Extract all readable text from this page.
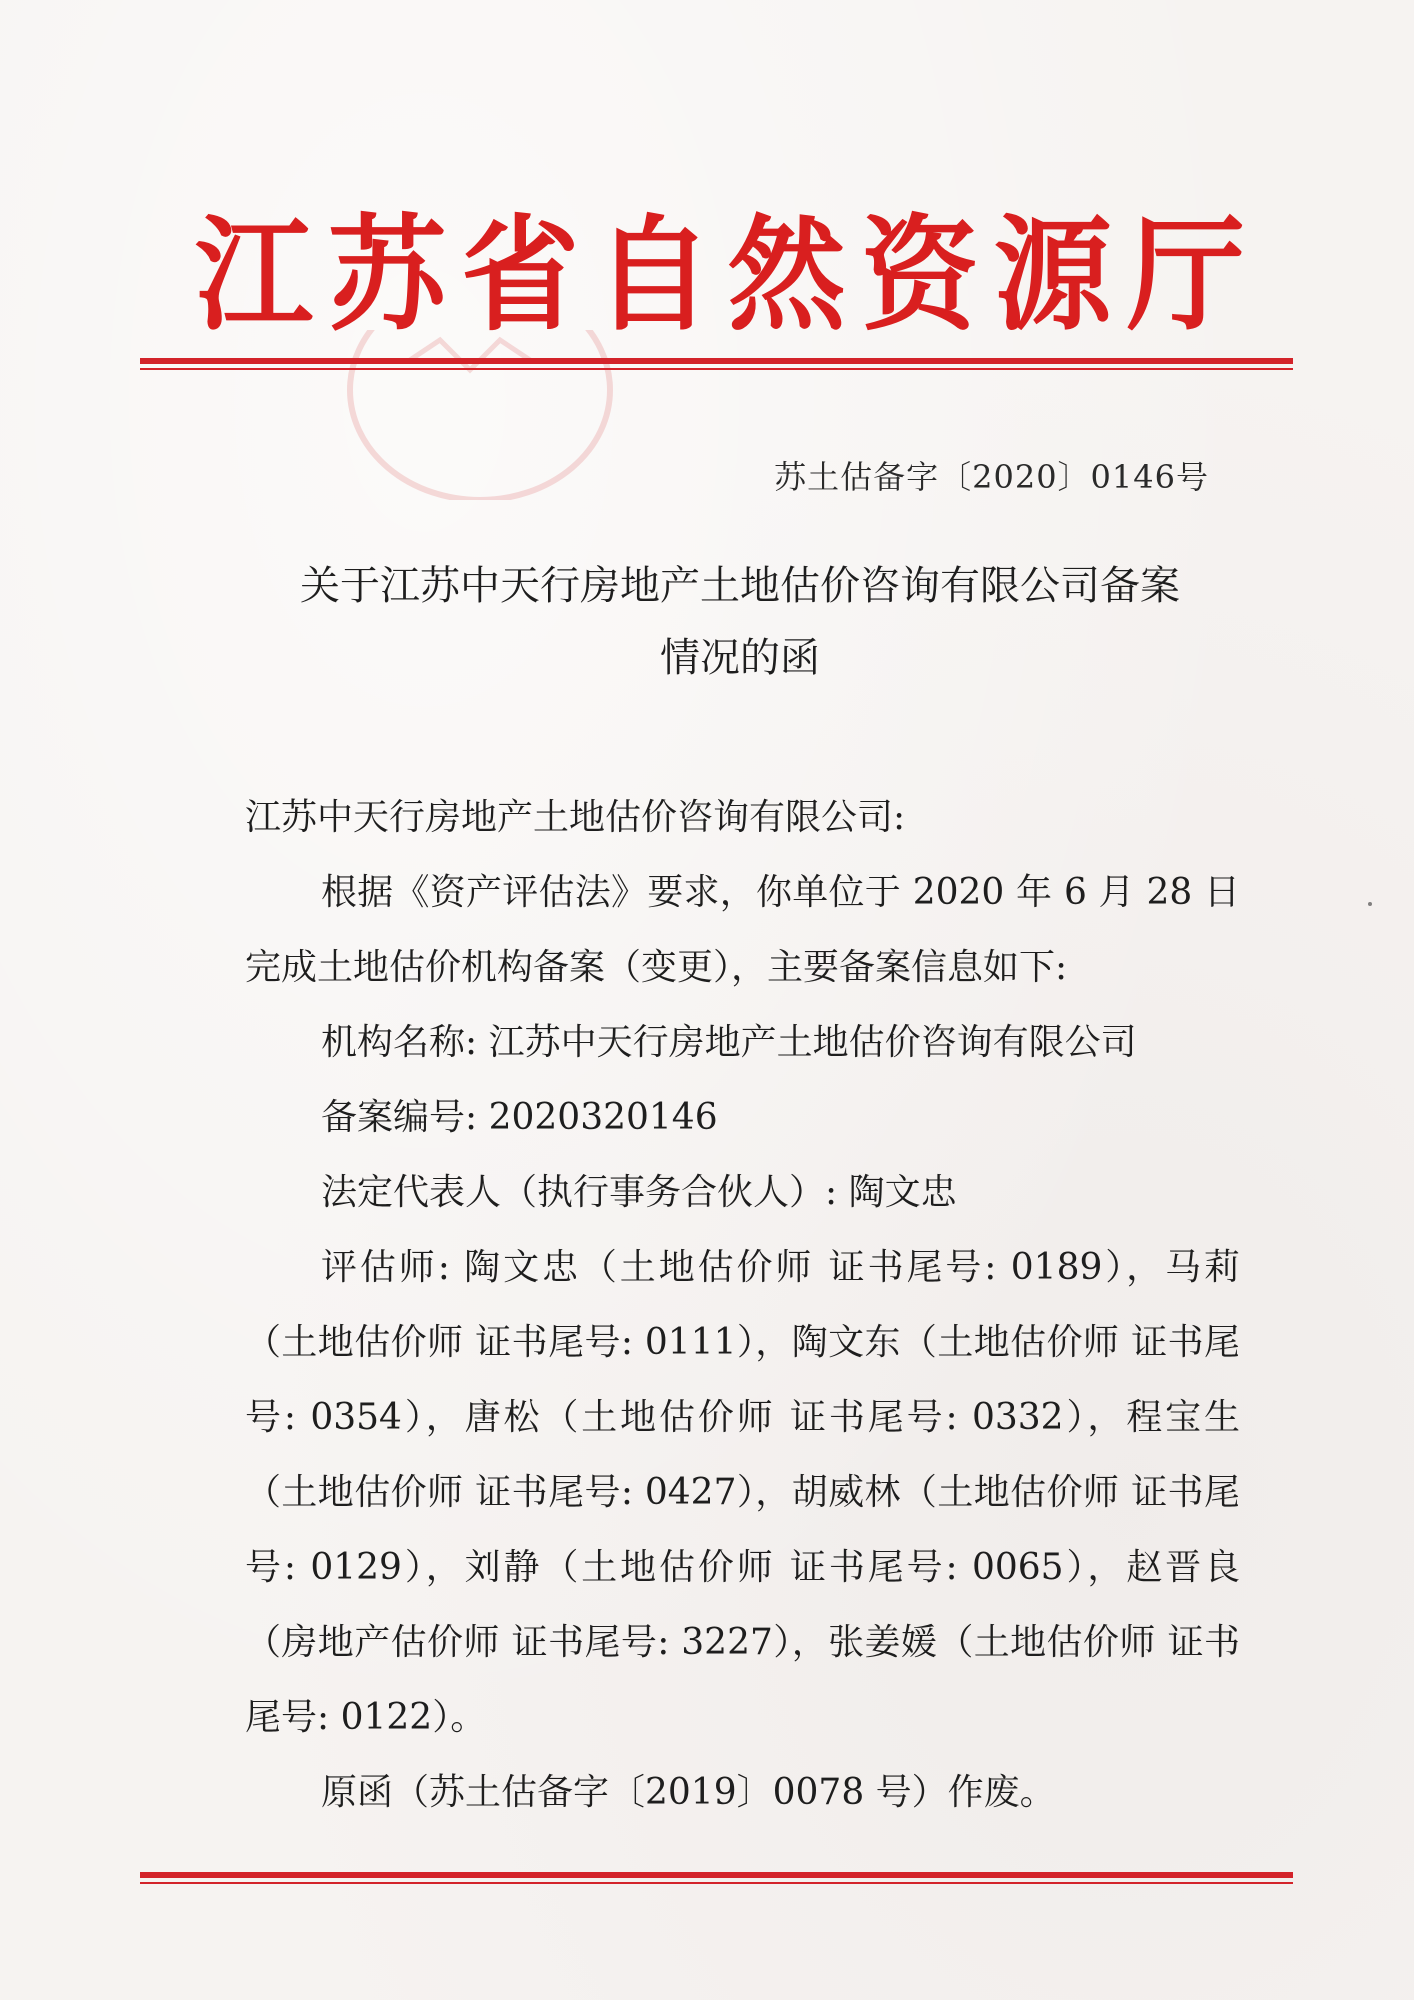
江 苏 省 自 然 资 源 厅
苏土估备字〔2020〕0146号
关于江苏中天行房地产土地估价咨询有限公司备案
情况的函

江苏中天行房地产土地估价咨询有限公司:

根据《资产评估法》要求，你单位于 2020 年 6 月 28 日完成土地估价机构备案（变更），主要备案信息如下:

机构名称: 江苏中天行房地产土地估价咨询有限公司

备案编号: 2020320146

法定代表人（执行事务合伙人）: 陶文忠

评估师: 陶文忠（土地估价师 证书尾号: 0189），马莉（土地估价师 证书尾号: 0111），陶文东（土地估价师 证书尾号: 0354），唐松（土地估价师 证书尾号: 0332），程宝生（土地估价师 证书尾号: 0427），胡威林（土地估价师 证书尾号: 0129），刘静（土地估价师 证书尾号: 0065），赵晋良（房地产估价师 证书尾号: 3227），张姜媛（土地估价师 证书尾号: 0122）。

原函（苏土估备字〔2019〕0078 号）作废。
